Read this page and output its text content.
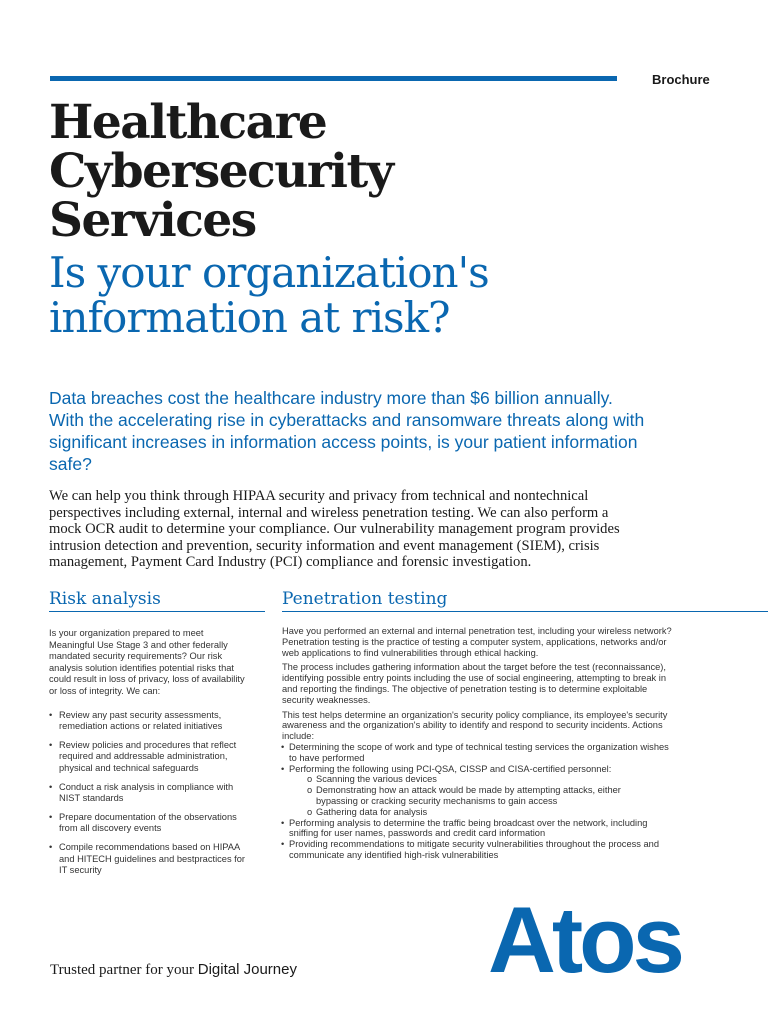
Brochure
Healthcare
Cybersecurity
Services
Is your organization's
information at risk?

Data breaches cost the healthcare industry more than $6 billion annually.
With the accelerating rise in cyberattacks and ransomware threats along with
significant increases in information access points, is your patient information
safe?

We can help you think through HIPAA security and privacy from technical and nontechnical
perspectives including external, internal and wireless penetration testing. We can also perform a
mock OCR audit to determine your compliance. Our vulnerability management program provides
intrusion detection and prevention, security information and event management (SIEM), crisis
management, Payment Card Industry (PCI) compliance and forensic investigation.

Risk analysis	Penetration testing
Is your organization prepared to meet
Meaningful Use Stage 3 and other federally
mandated security requirements? Our risk
analysis solution identifies potential risks that
could result in loss of privacy, loss of availability
or loss of integrity. We can:
• Review any past security assessments,
remediation actions or related initiatives
• Review policies and procedures that reflect
required and addressable administration,
physical and technical safeguards
• Conduct a risk analysis in compliance with
NIST standards
• Prepare documentation of the observations
from all discovery events
• Compile recommendations based on HIPAA
and HITECH guidelines and bestpractices for
IT security
Have you performed an external and internal penetration test, including your wireless network?
Penetration testing is the practice of testing a computer system, applications, networks and/or
web applications to find vulnerabilities through ethical hacking.
The process includes gathering information about the target before the test (reconnaissance),
identifying possible entry points including the use of social engineering, attempting to break in
and reporting the findings. The objective of penetration testing is to determine exploitable
security weaknesses.
This test helps determine an organization's security policy compliance, its employee's security
awareness and the organization's ability to identify and respond to security incidents. Actions
include:
• Determining the scope of work and type of technical testing services the organization wishes
to have performed
• Performing the following using PCI-QSA, CISSP and CISA-certified personnel:
o Scanning the various devices
o Demonstrating how an attack would be made by attempting attacks, either
bypassing or cracking security mechanisms to gain access
o Gathering data for analysis
• Performing analysis to determine the traffic being broadcast over the network, including
sniffing for user names, passwords and credit card information
• Providing recommendations to mitigate security vulnerabilities throughout the process and
communicate any identified high-risk vulnerabilities
Trusted partner for your Digital Journey Atos
